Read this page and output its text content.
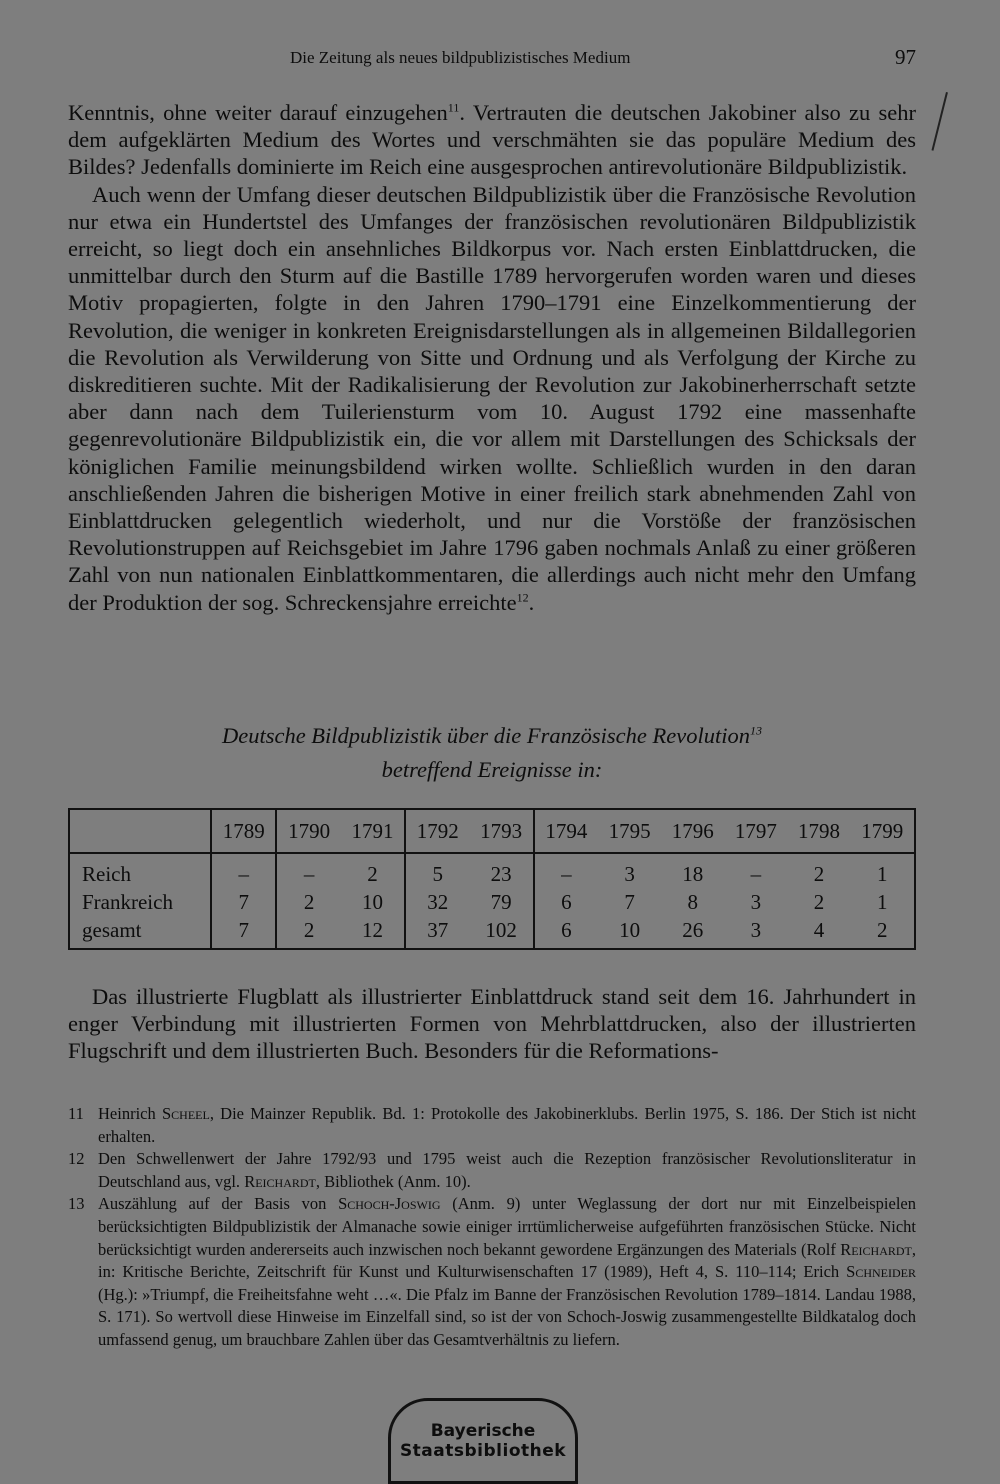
Die Zeitung als neues bildpublizistisches Medium	97

Kenntnis, ohne weiter darauf einzugehen$^{11}$. Vertrauten die deutschen Jakobiner also zu sehr dem aufgeklärten Medium des Wortes und verschmähten sie das populäre Medium des Bildes? Jedenfalls dominierte im Reich eine ausgesprochen antirevolutionäre Bildpublizistik.

Auch wenn der Umfang dieser deutschen Bildpublizistik über die Französische Revolution nur etwa ein Hundertstel des Umfanges der französischen revolutionären Bildpublizistik erreicht, so liegt doch ein ansehnliches Bildkorpus vor. Nach ersten Einblattdrucken, die unmittelbar durch den Sturm auf die Bastille 1789 hervorgerufen worden waren und dieses Motiv propagierten, folgte in den Jahren 1790–1791 eine Einzelkommentierung der Revolution, die weniger in konkreten Ereignisdarstellungen als in allgemeinen Bildallegorien die Revolution als Verwilderung von Sitte und Ordnung und als Verfolgung der Kirche zu diskreditieren suchte. Mit der Radikalisierung der Revolution zur Jakobinerherrschaft setzte aber dann nach dem Tuileriensturm vom 10. August 1792 eine massenhafte gegenrevolutionäre Bildpublizistik ein, die vor allem mit Darstellungen des Schicksals der königlichen Familie meinungsbildend wirken wollte. Schließlich wurden in den daran anschließenden Jahren die bisherigen Motive in einer freilich stark abnehmenden Zahl von Einblattdrucken gelegentlich wiederholt, und nur die Vorstöße der französischen Revolutionstruppen auf Reichsgebiet im Jahre 1796 gaben nochmals Anlaß zu einer größeren Zahl von nun nationalen Einblattkommentaren, die allerdings auch nicht mehr den Umfang der Produktion der sog. Schreckensjahre erreichte$^{12}$.

Deutsche Bildpublizistik über die Französische Revolution$^{13}$
betreffend Ereignisse in:
	1789	1790	1791	1792	1793	1794	1795	1796	1797	1798	1799
Reich	–	–	2	5	23	–	3	18	–	2	1
Frankreich	7	2	10	32	79	6	7	8	3	2	1
gesamt	7	2	12	37	102	6	10	26	3	4	2

Das illustrierte Flugblatt als illustrierter Einblattdruck stand seit dem 16. Jahrhundert in enger Verbindung mit illustrierten Formen von Mehrblattdrucken, also der illustrierten Flugschrift und dem illustrierten Buch. Besonders für die Reformations-

11 Heinrich Scheel, Die Mainzer Republik. Bd. 1: Protokolle des Jakobinerklubs. Berlin 1975, S. 186. Der Stich ist nicht erhalten.
12 Den Schwellenwert der Jahre 1792/93 und 1795 weist auch die Rezeption französischer Revolutionsliteratur in Deutschland aus, vgl. Reichardt, Bibliothek (Anm. 10).
13 Auszählung auf der Basis von Schoch-Joswig (Anm. 9) unter Weglassung der dort nur mit Einzelbeispielen berücksichtigten Bildpublizistik der Almanache sowie einiger irrtümlicherweise aufgeführten französischen Stücke. Nicht berücksichtigt wurden andererseits auch inzwischen noch bekannt gewordene Ergänzungen des Materials (Rolf Reichardt, in: Kritische Berichte, Zeitschrift für Kunst und Kulturwisenschaften 17 (1989), Heft 4, S. 110–114; Erich Schneider (Hg.): »Triumpf, die Freiheitsfahne weht …«. Die Pfalz im Banne der Französischen Revolution 1789–1814. Landau 1988, S. 171). So wertvoll diese Hinweise im Einzelfall sind, so ist der von Schoch-Joswig zusammengestellte Bildkatalog doch umfassend genug, um brauchbare Zahlen über das Gesamtverhältnis zu liefern.
Bayerische
Staatsbibliothek
